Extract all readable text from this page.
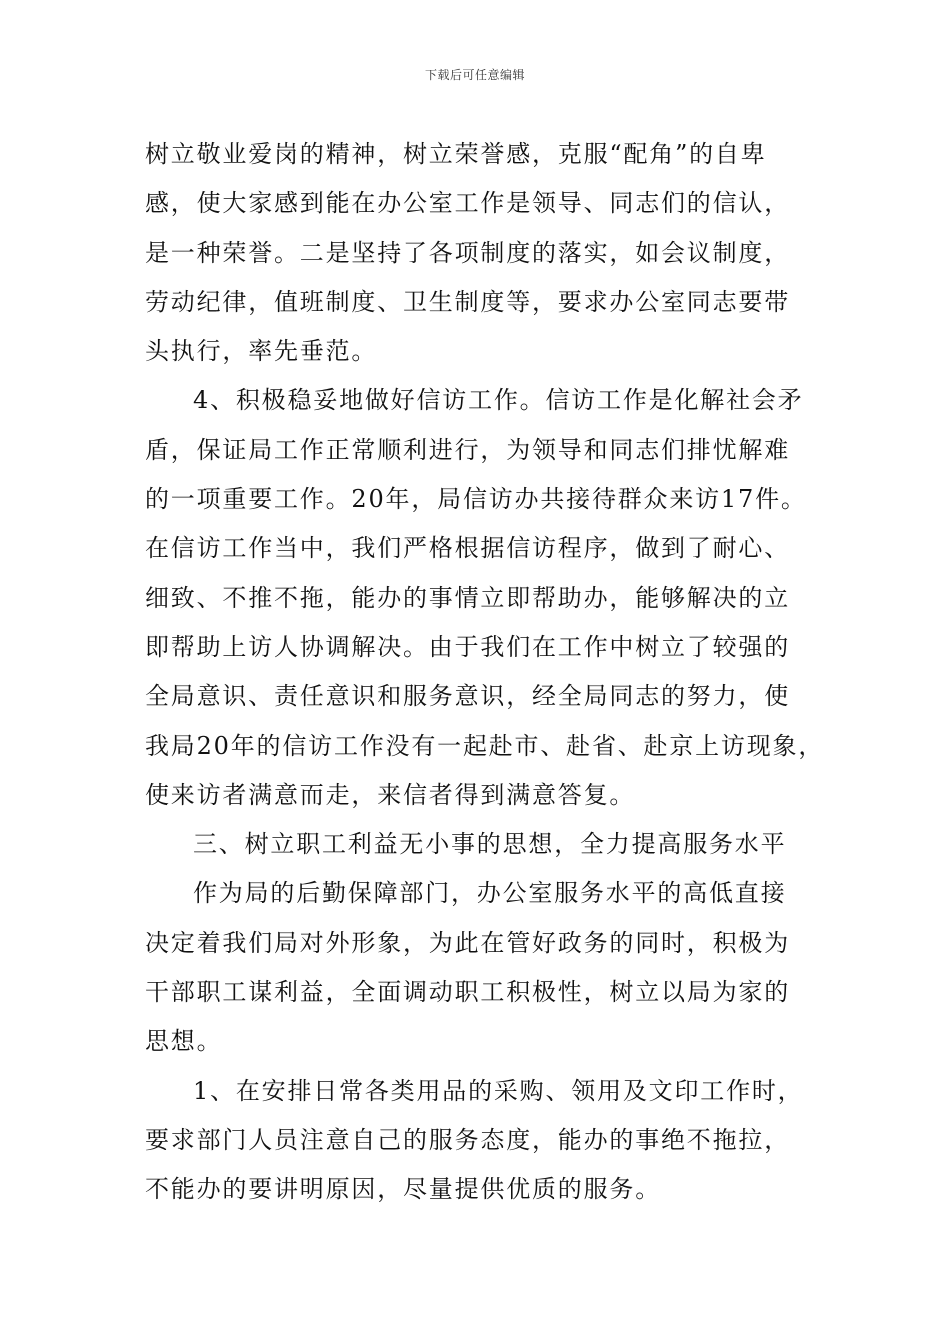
下载后可任意编辑
树立敬业爱岗的精神，树立荣誉感，克服“配角”的自卑
感，使大家感到能在办公室工作是领导、同志们的信认，
是一种荣誉。二是坚持了各项制度的落实，如会议制度，
劳动纪律，值班制度、卫生制度等，要求办公室同志要带
头执行，率先垂范。
4、积极稳妥地做好信访工作。信访工作是化解社会矛
盾，保证局工作正常顺利进行，为领导和同志们排忧解难
的一项重要工作。20年，局信访办共接待群众来访17件。
在信访工作当中，我们严格根据信访程序，做到了耐心、
细致、不推不拖，能办的事情立即帮助办，能够解决的立
即帮助上访人协调解决。由于我们在工作中树立了较强的
全局意识、责任意识和服务意识，经全局同志的努力，使
我局20年的信访工作没有一起赴市、赴省、赴京上访现象，
使来访者满意而走，来信者得到满意答复。
三、树立职工利益无小事的思想，全力提高服务水平
作为局的后勤保障部门，办公室服务水平的高低直接
决定着我们局对外形象，为此在管好政务的同时，积极为
干部职工谋利益，全面调动职工积极性，树立以局为家的
思想。
1、在安排日常各类用品的采购、领用及文印工作时，
要求部门人员注意自己的服务态度，能办的事绝不拖拉，
不能办的要讲明原因，尽量提供优质的服务。
